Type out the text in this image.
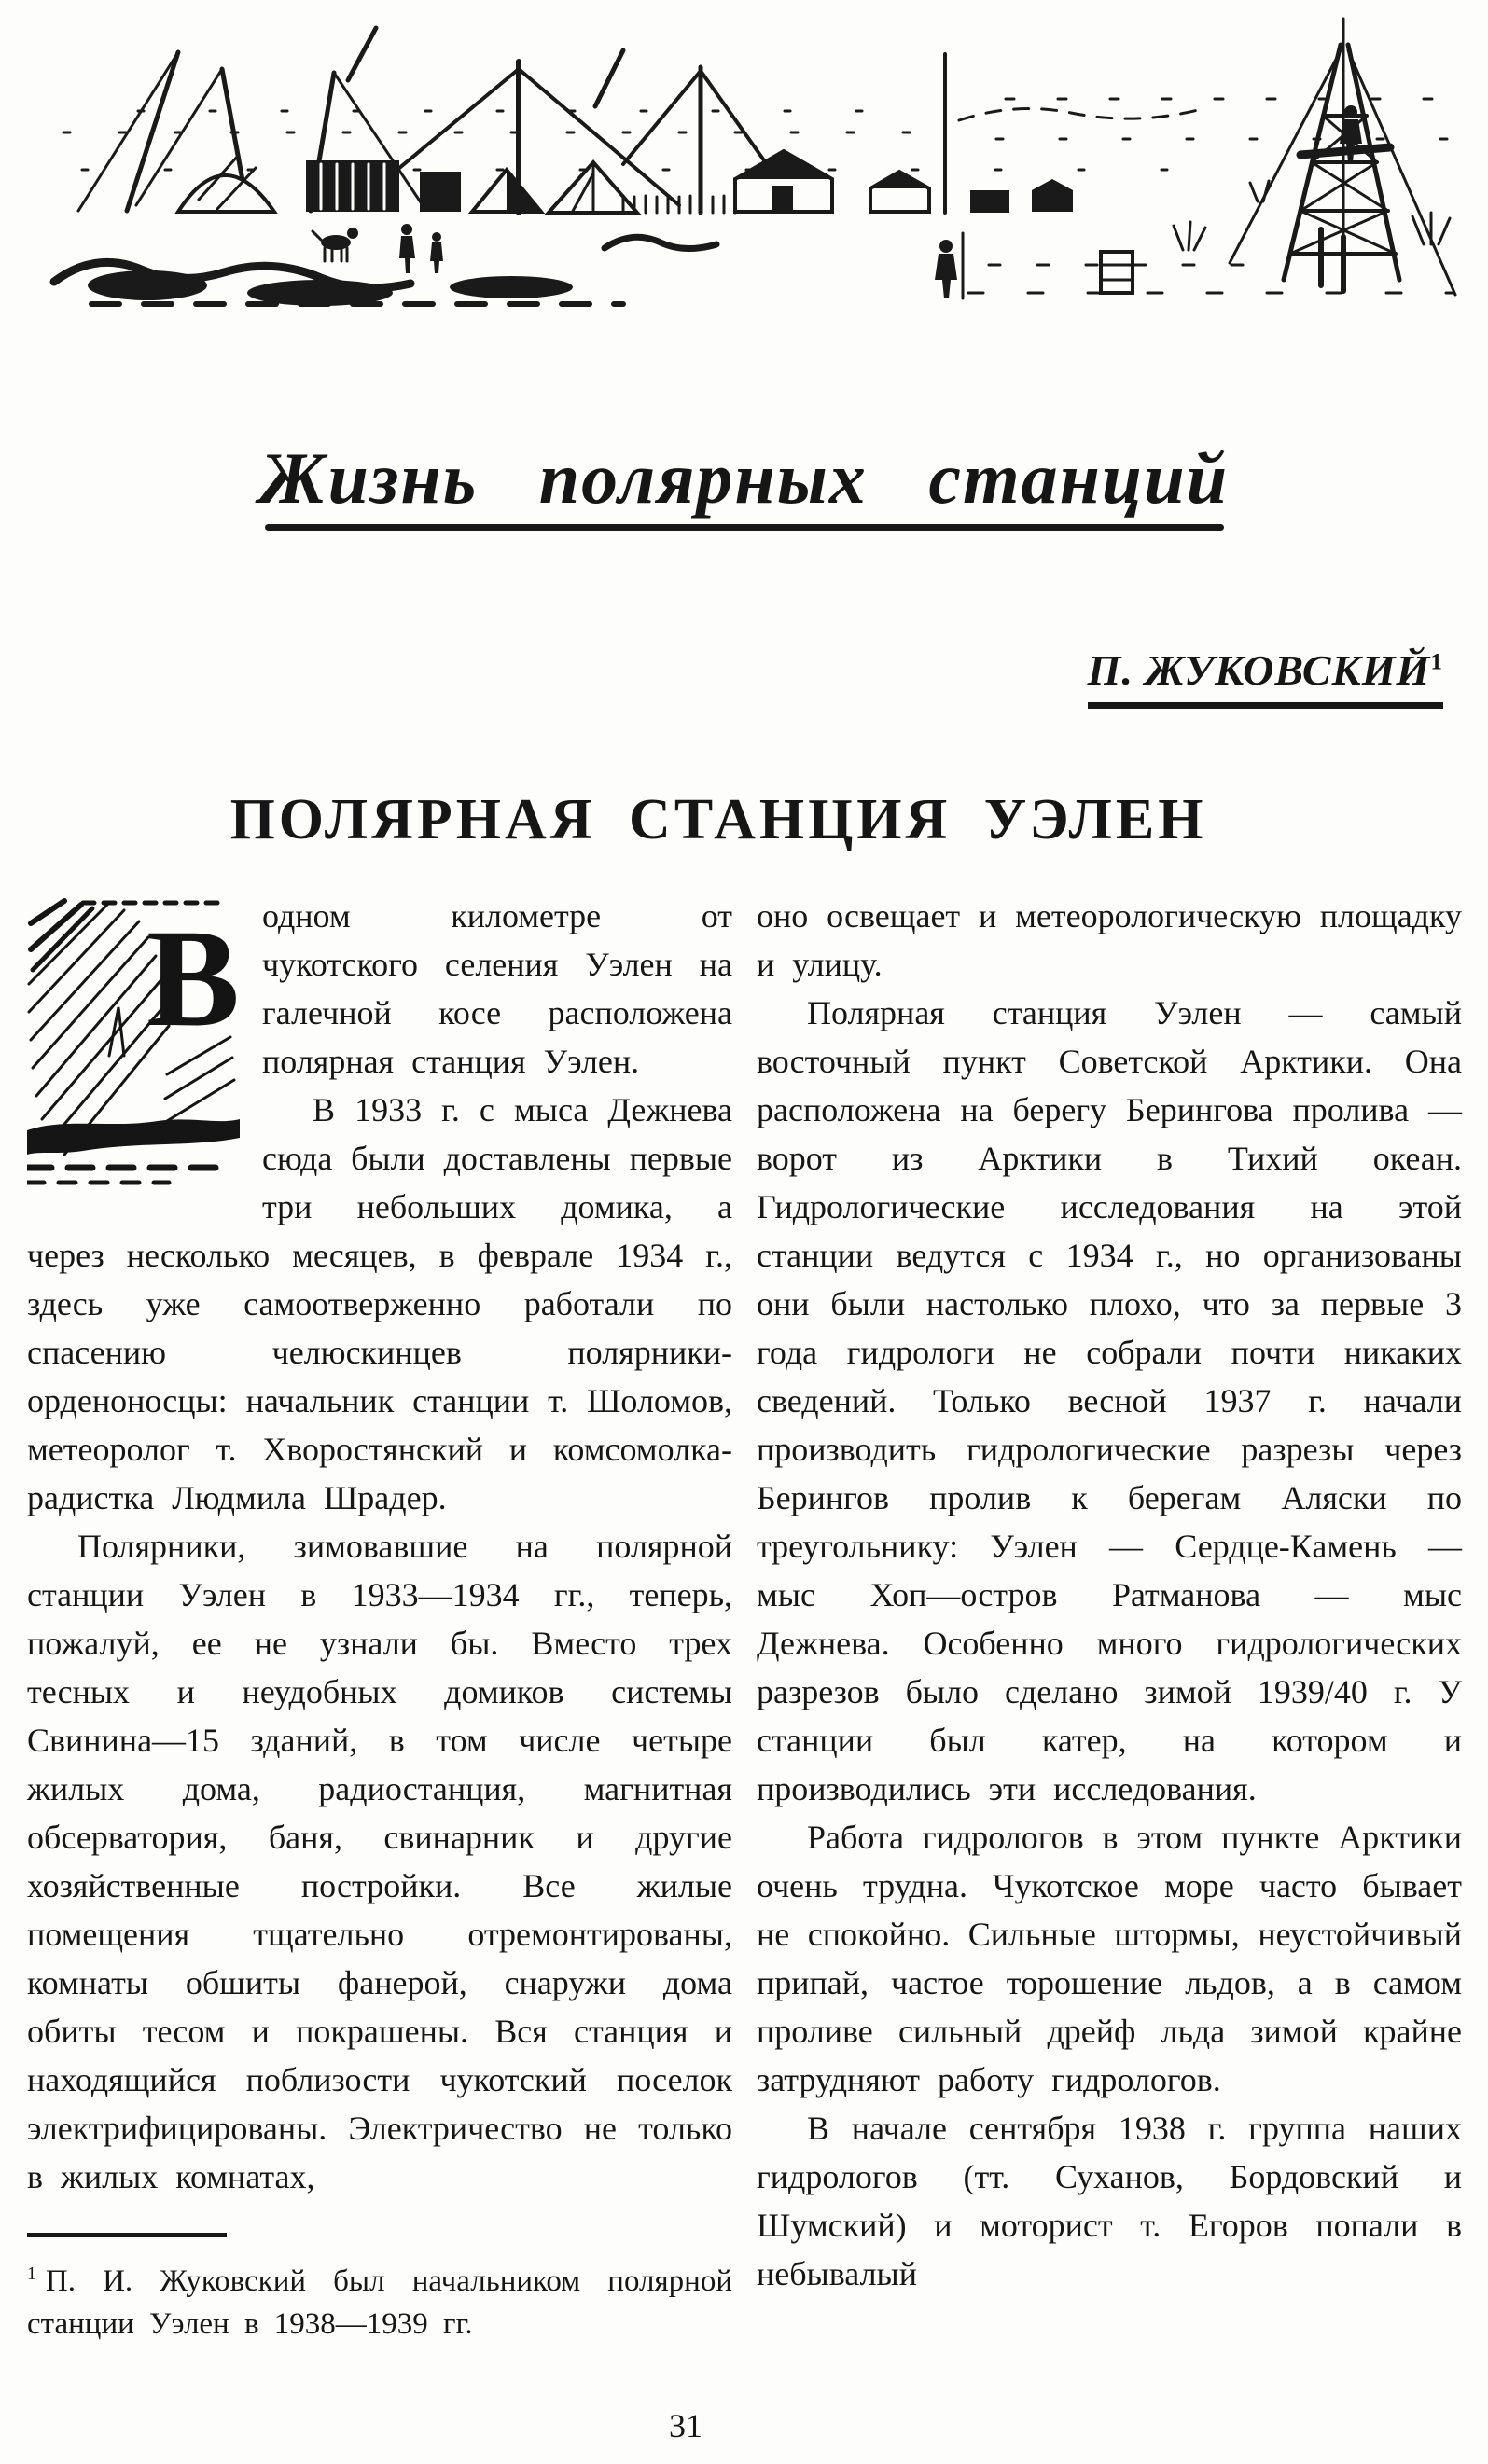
Жизнь полярных станций
П. ЖУКОВСКИЙ$^1$
ПОЛЯРНАЯ СТАНЦИЯ УЭЛЕН
В одном километре от чукотского селения Уэлен на галечной косе расположена полярная станция Уэлен.

В 1933 г. с мыса Дежнева сюда были доставлены первые три небольших домика, а через несколько месяцев, в феврале 1934 г., здесь уже самоотверженно работали по спасению челюскинцев полярники-орденоносцы: начальник станции т. Шоломов, метеоролог т. Хворостянский и комсомолка-радистка Людмила Шрадер.

Полярники, зимовавшие на полярной станции Уэлен в 1933—1934 гг., теперь, пожалуй, ее не узнали бы. Вместо трех тесных и неудобных домиков системы Свинина—15 зданий, в том числе четыре жилых дома, радиостанция, магнитная обсерватория, баня, свинарник и другие хозяйственные постройки. Все жилые помещения тщательно отремонтированы, комнаты обшиты фанерой, снаружи дома обиты тесом и покрашены. Вся станция и находящийся поблизости чукотский поселок электрифицированы. Электричество не только в жилых комнатах,

$^1$ П. И. Жуковский был начальником полярной станции Уэлен в 1938—1939 гг.

оно освещает и метеорологическую площадку и улицу.

Полярная станция Уэлен — самый восточный пункт Советской Арктики. Она расположена на берегу Берингова пролива — ворот из Арктики в Тихий океан. Гидрологические исследования на этой станции ведутся с 1934 г., но организованы они были настолько плохо, что за первые 3 года гидрологи не собрали почти никаких сведений. Только весной 1937 г. начали производить гидрологические разрезы через Берингов пролив к берегам Аляски по треугольнику: Уэлен — Сердце-Камень — мыс Хоп—остров Ратманова — мыс Дежнева. Особенно много гидрологических разрезов было сделано зимой 1939/40 г. У станции был катер, на котором и производились эти исследования.

Работа гидрологов в этом пункте Арктики очень трудна. Чукотское море часто бывает не спокойно. Сильные штормы, неустойчивый припай, частое торошение льдов, а в самом проливе сильный дрейф льда зимой крайне затрудняют работу гидрологов.

В начале сентября 1938 г. группа наших гидрологов (тт. Суханов, Бордовский и Шумский) и моторист т. Егоров попали в небывалый

31
